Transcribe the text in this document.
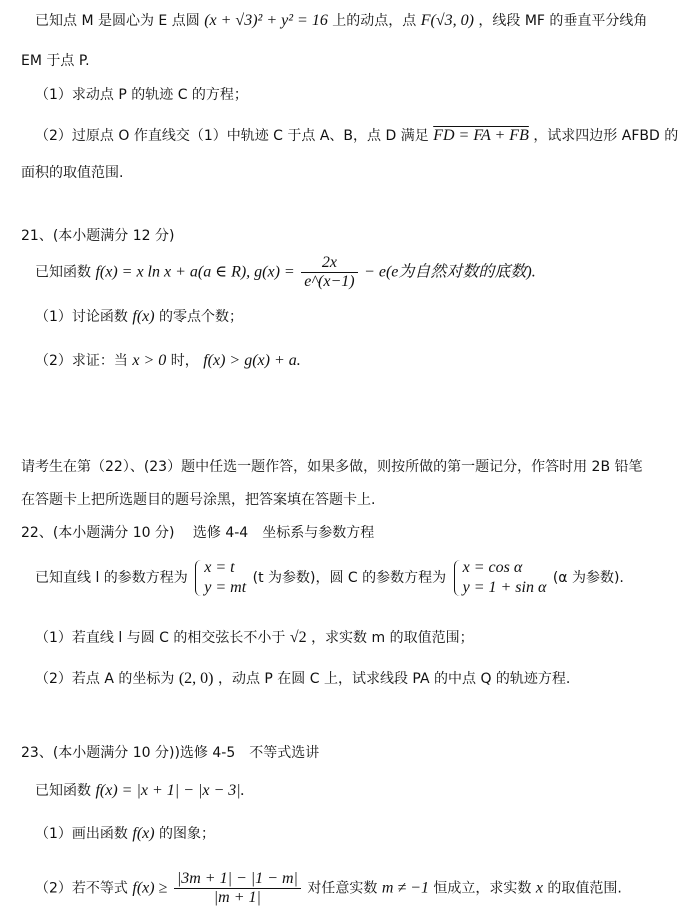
已知点 M 是圆心为 E 点圆 (x + √3)² + y² = 16 上的动点，点 F(√3, 0) ，线段 MF 的垂直平分线角
EM 于点 P.
（1）求动点 P 的轨迹 C 的方程；
（2）过原点 O 作直线交（1）中轨迹 C 于点 A、B，点 D 满足 FD = FA + FB ，试求四边形 AFBD 的
面积的取值范围.
21、(本小题满分 12 分)
已知函数 f(x) = x ln x + a(a ∈ R), $g(x) = \frac{2x}{e\^{}(x-1)} - e(e$为自然对数的底数).
（1）讨论函数 f(x) 的零点个数；
（2）求证：当 x > 0 时， f(x) > g(x) + a.
请考生在第（22）、(23）题中任选一题作答，如果多做，则按所做的第一题记分，作答时用 2B 铅笔
在答题卡上把所选题目的题号涂黑，把答案填在答题卡上.
22、(本小题满分 10 分)　 选修 4-4　坐标系与参数方程
已知直线 l 的参数方程为
x = t
y = mt
(t 为参数)，圆 C 的参数方程为
x = cos α
y = 1 + sin α
(α 为参数).
（1）若直线 l 与圆 C 的相交弦长不小于 √2 ，求实数 m 的取值范围；
（2）若点 A 的坐标为 (2, 0) ，动点 P 在圆 C 上，试求线段 PA 的中点 Q 的轨迹方程.
23、(本小题满分 10 分))选修 4-5　不等式选讲
已知函数 f(x) = |x + 1| − |x − 3|.
（1）画出函数 f(x) 的图象；
（2）若不等式 $f(x) \ge \frac{|3m + 1| - |1 - m|}{|m + 1|}$ 对任意实数 m ≠ −1 恒成立，求实数 x 的取值范围.
